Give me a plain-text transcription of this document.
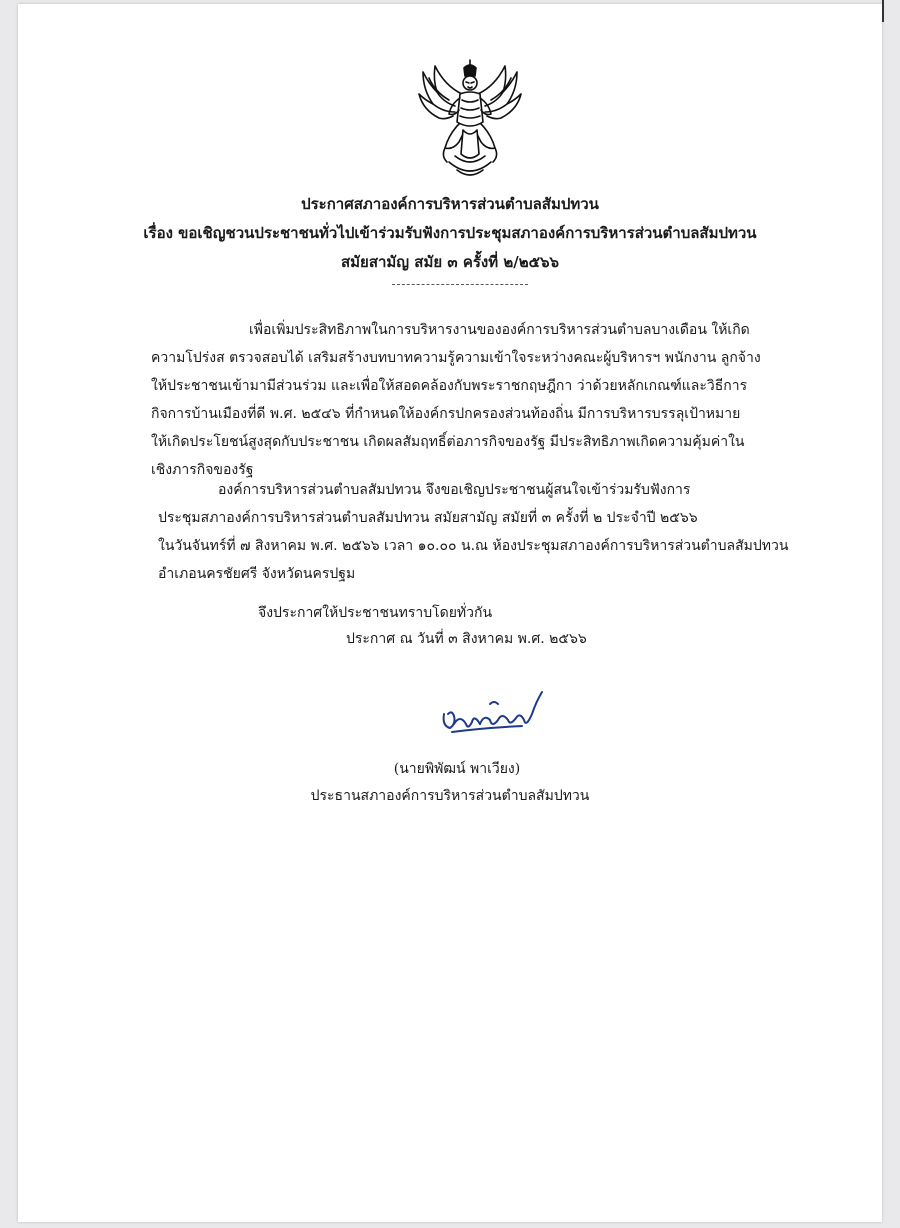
ประกาศสภาองค์การบริหารส่วนตำบลสัมปทวน
เรื่อง ขอเชิญชวนประชาชนทั่วไปเข้าร่วมรับฟังการประชุมสภาองค์การบริหารส่วนตำบลสัมปทวน
สมัยสามัญ สมัย ๓ ครั้งที่ ๒/๒๕๖๖

เพื่อเพิ่มประสิทธิภาพในการบริหารงานขององค์การบริหารส่วนตำบลบางเดือน ให้เกิด
ความโปร่งส ตรวจสอบได้ เสริมสร้างบทบาทความรู้ความเข้าใจระหว่างคณะผู้บริหารฯ พนักงาน ลูกจ้าง
ให้ประชาชนเข้ามามีส่วนร่วม และเพื่อให้สอดคล้องกับพระราชกฤษฎีกา ว่าด้วยหลักเกณฑ์และวิธีการ
กิจการบ้านเมืองที่ดี พ.ศ. ๒๕๔๖ ที่กำหนดให้องค์กรปกครองส่วนท้องถิ่น มีการบริหารบรรลุเป้าหมาย
ให้เกิดประโยชน์สูงสุดกับประชาชน เกิดผลสัมฤทธิ์ต่อภารกิจของรัฐ มีประสิทธิภาพเกิดความคุ้มค่าใน
เชิงภารกิจของรัฐ

องค์การบริหารส่วนตำบลสัมปทวน จึงขอเชิญประชาชนผู้สนใจเข้าร่วมรับฟังการ
ประชุมสภาองค์การบริหารส่วนตำบลสัมปทวน สมัยสามัญ สมัยที่ ๓ ครั้งที่ ๒ ประจำปี ๒๕๖๖
ในวันจันทร์ที่ ๗ สิงหาคม พ.ศ. ๒๕๖๖ เวลา ๑๐.๐๐ น.ณ ห้องประชุมสภาองค์การบริหารส่วนตำบลสัมปทวน
อำเภอนครชัยศรี จังหวัดนครปฐม

จึงประกาศให้ประชาชนทราบโดยทั่วกัน
ประกาศ ณ วันที่ ๓ สิงหาคม พ.ศ. ๒๕๖๖
(นายพิพัฒน์ พาเวียง)
ประธานสภาองค์การบริหารส่วนตำบลสัมปทวน
